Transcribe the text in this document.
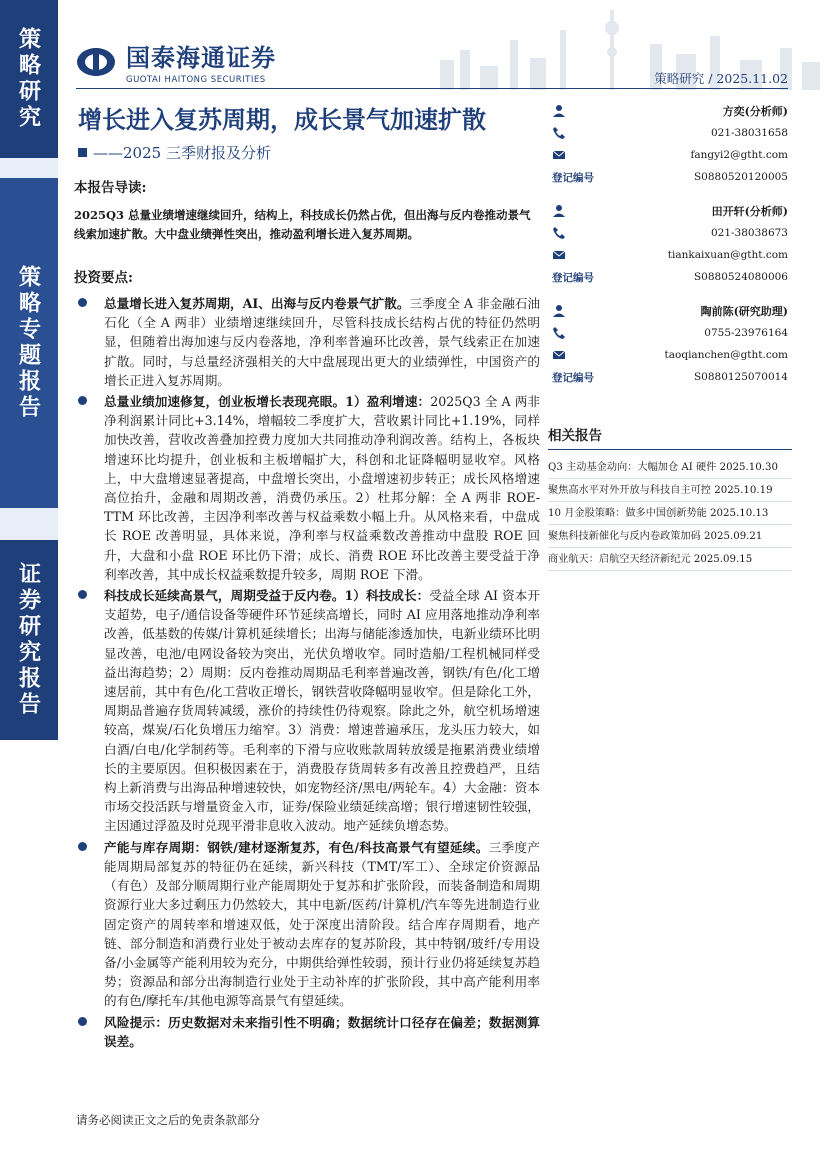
策略研究
策略专题报告
证券研究报告
国泰海通证券
GUOTAI HAITONG SECURITIES	策略研究 / 2025.11.02
增长进入复苏周期，成长景气加速扩散
——2025 三季财报及分析
本报告导读:
2025Q3 总量业绩增速继续回升，结构上，科技成长仍然占优，但出海与反内卷推动景气线索加速扩散。大中盘业绩弹性突出，推动盈利增长进入复苏周期。
投资要点:
总量增长进入复苏周期，AI、出海与反内卷景气扩散。三季度全 A 非金融石油石化（全 A 两非）业绩增速继续回升，尽管科技成长结构占优的特征仍然明显，但随着出海加速与反内卷落地，净利率普遍环比改善，景气线索正在加速扩散。同时，与总量经济强相关的大中盘展现出更大的业绩弹性，中国资产的增长正进入复苏周期。
总量业绩加速修复，创业板增长表现亮眼。1）盈利增速：2025Q3 全 A 两非净利润累计同比+3.14%，增幅较二季度扩大，营收累计同比+1.19%，同样加快改善，营收改善叠加控费力度加大共同推动净利润改善。结构上，各板块增速环比均提升，创业板和主板增幅扩大，科创和北证降幅明显收窄。风格上，中大盘增速显著提高，中盘增长突出，小盘增速初步转正；成长风格增速高位抬升，金融和周期改善，消费仍承压。2）杜邦分解：全 A 两非 ROE-TTM 环比改善，主因净利率改善与权益乘数小幅上升。从风格来看，中盘成长 ROE 改善明显，具体来说，净利率与权益乘数改善推动中盘股 ROE 回升，大盘和小盘 ROE 环比仍下滑；成长、消费 ROE 环比改善主要受益于净利率改善，其中成长权益乘数提升较多，周期 ROE 下滑。
科技成长延续高景气，周期受益于反内卷。1）科技成长：受益全球 AI 资本开支超势，电子/通信设备等硬件环节延续高增长，同时 AI 应用落地推动净利率改善，低基数的传媒/计算机延续增长；出海与储能渗透加快，电新业绩环比明显改善，电池/电网设备较为突出，光伏负增收窄。同时造船/工程机械同样受益出海趋势；2）周期：反内卷推动周期品毛利率普遍改善，钢铁/有色/化工增速居前，其中有色/化工营收正增长，钢铁营收降幅明显收窄。但是除化工外，周期品普遍存货周转减缓，涨价的持续性仍待观察。除此之外，航空机场增速较高，煤炭/石化负增压力缩窄。3）消费：增速普遍承压，龙头压力较大，如白酒/白电/化学制药等。毛利率的下滑与应收账款周转放缓是拖累消费业绩增长的主要原因。但积极因素在于，消费股存货周转多有改善且控费趋严，且结构上新消费与出海品种增速较快，如宠物经济/黑电/两轮车。4）大金融：资本市场交投活跃与增量资金入市，证券/保险业绩延续高增；银行增速韧性较强，主因通过浮盈及时兑现平滑非息收入波动。地产延续负增态势。
产能与库存周期：钢铁/建材逐渐复苏，有色/科技高景气有望延续。三季度产能周期局部复苏的特征仍在延续，新兴科技（TMT/军工）、全球定价资源品（有色）及部分顺周期行业产能周期处于复苏和扩张阶段，而装备制造和周期资源行业大多过剩压力仍然较大，其中电新/医药/计算机/汽车等先进制造行业固定资产的周转率和增速双低，处于深度出清阶段。结合库存周期看，地产链、部分制造和消费行业处于被动去库存的复苏阶段，其中特钢/玻纤/专用设备/小金属等产能利用较为充分，中期供给弹性较弱，预计行业仍将延续复苏趋势；资源品和部分出海制造行业处于主动补库的扩张阶段，其中高产能利用率的有色/摩托车/其他电源等高景气有望延续。
风险提示：历史数据对未来指引性不明确；数据统计口径存在偏差；数据测算误差。
方奕(分析师)
021-38031658
fangyi2@gtht.com
登记编号	S0880520120005
田开轩(分析师)
021-38038673
tiankaixuan@gtht.com
登记编号	S0880524080006
陶前陈(研究助理)
0755-23976164
taoqianchen@gtht.com
登记编号	S0880125070014
相关报告
Q3 主动基金动向：大幅加仓 AI 硬件 2025.10.30
聚焦高水平对外开放与科技自主可控 2025.10.19
10 月金股策略：做多中国创新势能 2025.10.13
聚焦科技新催化与反内卷政策加码 2025.09.21
商业航天：启航空天经济新纪元 2025.09.15
请务必阅读正文之后的免责条款部分
